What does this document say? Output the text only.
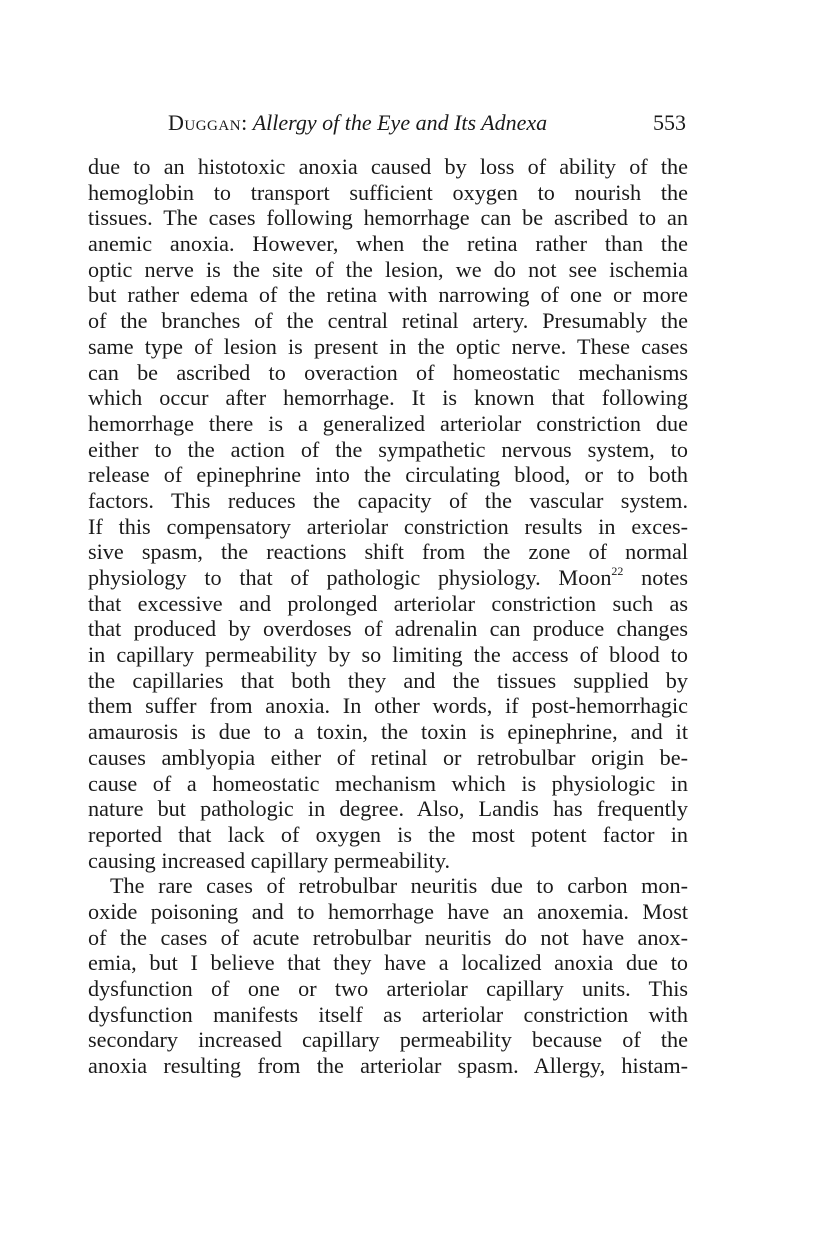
Duggan: Allergy of the Eye and Its Adnexa	553
due to an histotoxic anoxia caused by loss of ability of the
hemoglobin to transport sufficient oxygen to nourish the
tissues. The cases following hemorrhage can be ascribed to an
anemic anoxia. However, when the retina rather than the
optic nerve is the site of the lesion, we do not see ischemia
but rather edema of the retina with narrowing of one or more
of the branches of the central retinal artery. Presumably the
same type of lesion is present in the optic nerve. These cases
can be ascribed to overaction of homeostatic mechanisms
which occur after hemorrhage. It is known that following
hemorrhage there is a generalized arteriolar constriction due
either to the action of the sympathetic nervous system, to
release of epinephrine into the circulating blood, or to both
factors. This reduces the capacity of the vascular system.
If this compensatory arteriolar constriction results in exces-
sive spasm, the reactions shift from the zone of normal
physiology to that of pathologic physiology. Moon$^{22}$ notes
that excessive and prolonged arteriolar constriction such as
that produced by overdoses of adrenalin can produce changes
in capillary permeability by so limiting the access of blood to
the capillaries that both they and the tissues supplied by
them suffer from anoxia. In other words, if post-hemorrhagic
amaurosis is due to a toxin, the toxin is epinephrine, and it
causes amblyopia either of retinal or retrobulbar origin be-
cause of a homeostatic mechanism which is physiologic in
nature but pathologic in degree. Also, Landis has frequently
reported that lack of oxygen is the most potent factor in
causing increased capillary permeability.
The rare cases of retrobulbar neuritis due to carbon mon-
oxide poisoning and to hemorrhage have an anoxemia. Most
of the cases of acute retrobulbar neuritis do not have anox-
emia, but I believe that they have a localized anoxia due to
dysfunction of one or two arteriolar capillary units. This
dysfunction manifests itself as arteriolar constriction with
secondary increased capillary permeability because of the
anoxia resulting from the arteriolar spasm. Allergy, histam-
